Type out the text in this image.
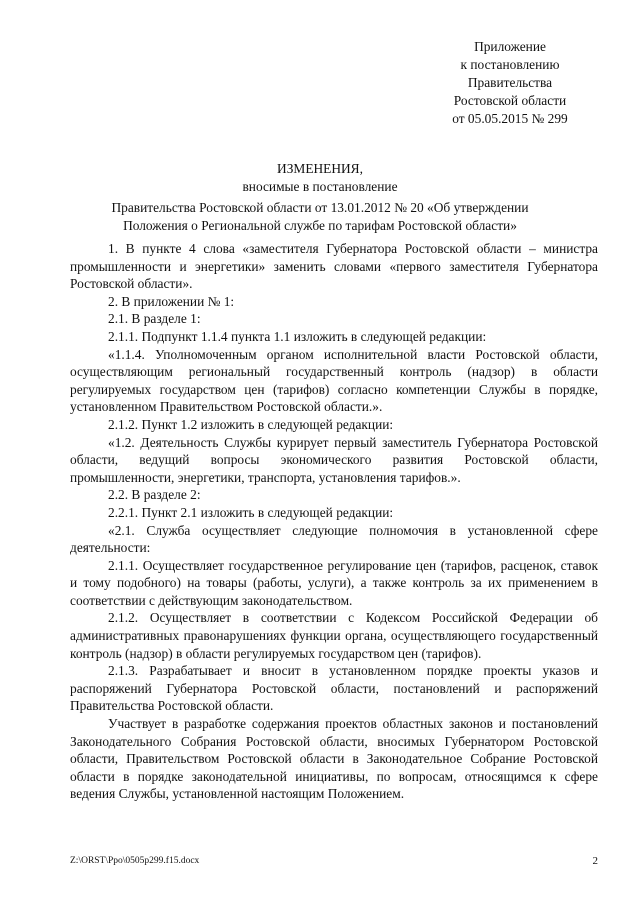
Приложение
к постановлению
Правительства
Ростовской области
от 05.05.2015 № 299
ИЗМЕНЕНИЯ,
вносимые в постановление
Правительства Ростовской области от 13.01.2012 № 20 «Об утверждении
Положения о Региональной службе по тарифам Ростовской области»

1. В пункте 4 слова «заместителя Губернатора Ростовской области – министра промышленности и энергетики» заменить словами «первого заместителя Губернатора Ростовской области».

2. В приложении № 1:

2.1. В разделе 1:

2.1.1. Подпункт 1.1.4 пункта 1.1 изложить в следующей редакции:

«1.1.4. Уполномоченным органом исполнительной власти Ростовской области, осуществляющим региональный государственный контроль (надзор) в области регулируемых государством цен (тарифов) согласно компетенции Службы в порядке, установленном Правительством Ростовской области.».

2.1.2. Пункт 1.2 изложить в следующей редакции:

«1.2. Деятельность Службы курирует первый заместитель Губернатора Ростовской области, ведущий вопросы экономического развития Ростовской области, промышленности, энергетики, транспорта, установления тарифов.».

2.2. В разделе 2:

2.2.1. Пункт 2.1 изложить в следующей редакции:

«2.1. Служба осуществляет следующие полномочия в установленной сфере деятельности:

2.1.1. Осуществляет государственное регулирование цен (тарифов, расценок, ставок и тому подобного) на товары (работы, услуги), а также контроль за их применением в соответствии с действующим законодательством.

2.1.2. Осуществляет в соответствии с Кодексом Российской Федерации об административных правонарушениях функции органа, осуществляющего государственный контроль (надзор) в области регулируемых государством цен (тарифов).

2.1.3. Разрабатывает и вносит в установленном порядке проекты указов и распоряжений Губернатора Ростовской области, постановлений и распоряжений Правительства Ростовской области.

Участвует в разработке содержания проектов областных законов и постановлений Законодательного Собрания Ростовской области, вносимых Губернатором Ростовской области, Правительством Ростовской области в Законодательное Собрание Ростовской области в порядке законодательной инициативы, по вопросам, относящимся к сфере ведения Службы, установленной настоящим Положением.

Z:\ORST\Ppo\0505p299.f15.docx	2
